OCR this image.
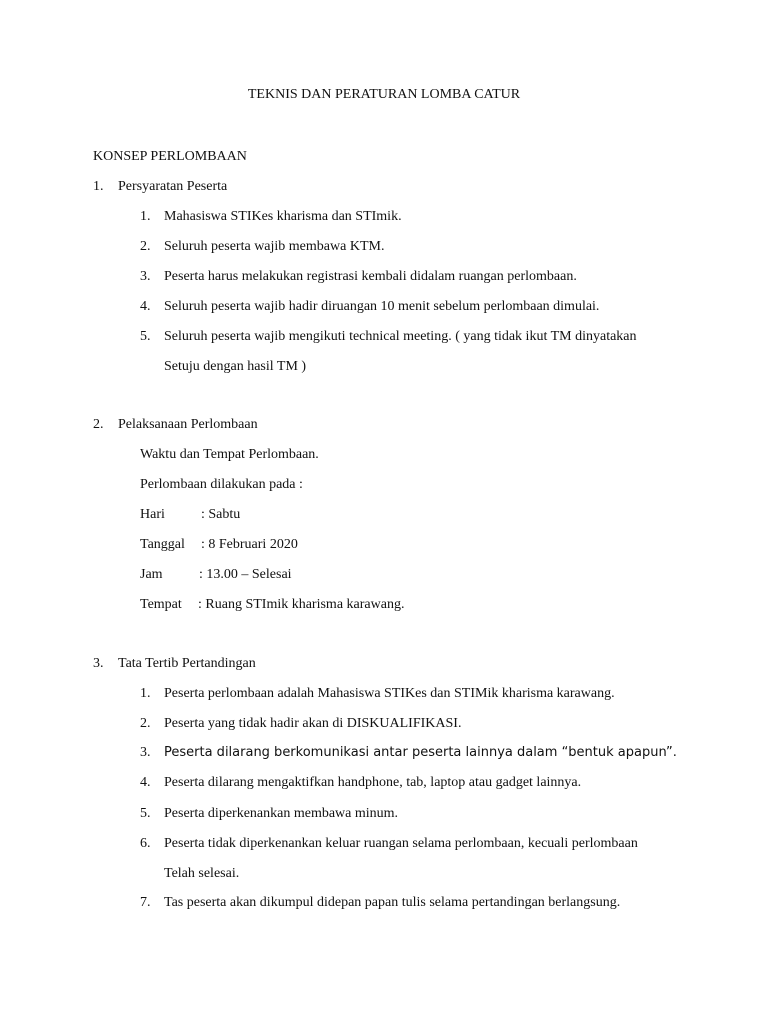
TEKNIS DAN PERATURAN LOMBA CATUR
KONSEP PERLOMBAAN
1. Persyaratan Peserta
1. Mahasiswa STIKes kharisma dan STImik.
2. Seluruh peserta wajib membawa KTM.
3. Peserta harus melakukan registrasi kembali didalam ruangan perlombaan.
4. Seluruh peserta wajib hadir diruangan 10 menit sebelum perlombaan dimulai.
5. Seluruh peserta wajib mengikuti technical meeting. ( yang tidak ikut TM dinyatakan
Setuju dengan hasil TM )
2. Pelaksanaan Perlombaan
Waktu dan Tempat Perlombaan.
Perlombaan dilakukan pada :
Hari	: Sabtu
Tanggal : 8 Februari 2020
Jam	: 13.00 – Selesai
Tempat : Ruang STImik kharisma karawang.
3. Tata Tertib Pertandingan
1. Peserta perlombaan adalah Mahasiswa STIKes dan STIMik kharisma karawang.
2. Peserta yang tidak hadir akan di DISKUALIFIKASI.
3. Peserta dilarang berkomunikasi antar peserta lainnya dalam “bentuk apapun”.
4. Peserta dilarang mengaktifkan handphone, tab, laptop atau gadget lainnya.
5. Peserta diperkenankan membawa minum.
6. Peserta tidak diperkenankan keluar ruangan selama perlombaan, kecuali perlombaan
Telah selesai.
7. Tas peserta akan dikumpul didepan papan tulis selama pertandingan berlangsung.
